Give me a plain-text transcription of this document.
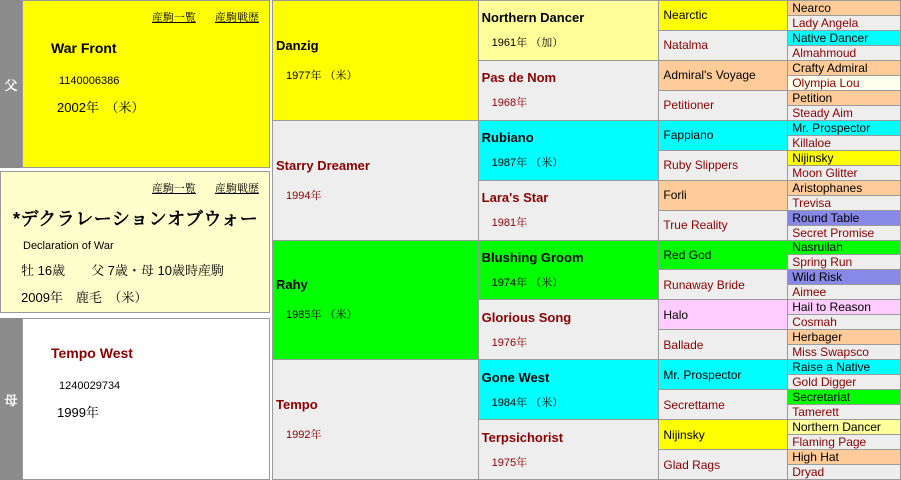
父
産駒一覧 産駒戦歴
War Front
1140006386
2002年　（米）
産駒一覧 産駒戦歴
*デクラレーションオブウォー
Declaration of War
牡 16歳　　父 7歳・母 10歳時産駒
2009年　鹿毛　（米）
母
Tempo West
1240029734
1999年
Danzig
1977年 （米）
Starry Dreamer
1994年
Rahy
1985年 （米）
Tempo
1992年
Northern Dancer
1961年 （加）
Pas de Nom
1968年
Rubiano
1987年 （米）
Lara's Star
1981年
Blushing Groom
1974年 （米）
Glorious Song
1976年
Gone West
1984年 （米）
Terpsichorist
1975年
Nearctic
Natalma
Admiral's Voyage
Petitioner
Fappiano
Ruby Slippers
Forli
True Reality
Red God
Runaway Bride
Halo
Ballade
Mr. Prospector
Secrettame
Nijinsky
Glad Rags
Nearco
Lady Angela
Native Dancer
Almahmoud
Crafty Admiral
Olympia Lou
Petition
Steady Aim
Mr. Prospector
Killaloe
Nijinsky
Moon Glitter
Aristophanes
Trevisa
Round Table
Secret Promise
Nasrullah
Spring Run
Wild Risk
Aimee
Hail to Reason
Cosmah
Herbager
Miss Swapsco
Raise a Native
Gold Digger
Secretariat
Tamerett
Northern Dancer
Flaming Page
High Hat
Dryad
